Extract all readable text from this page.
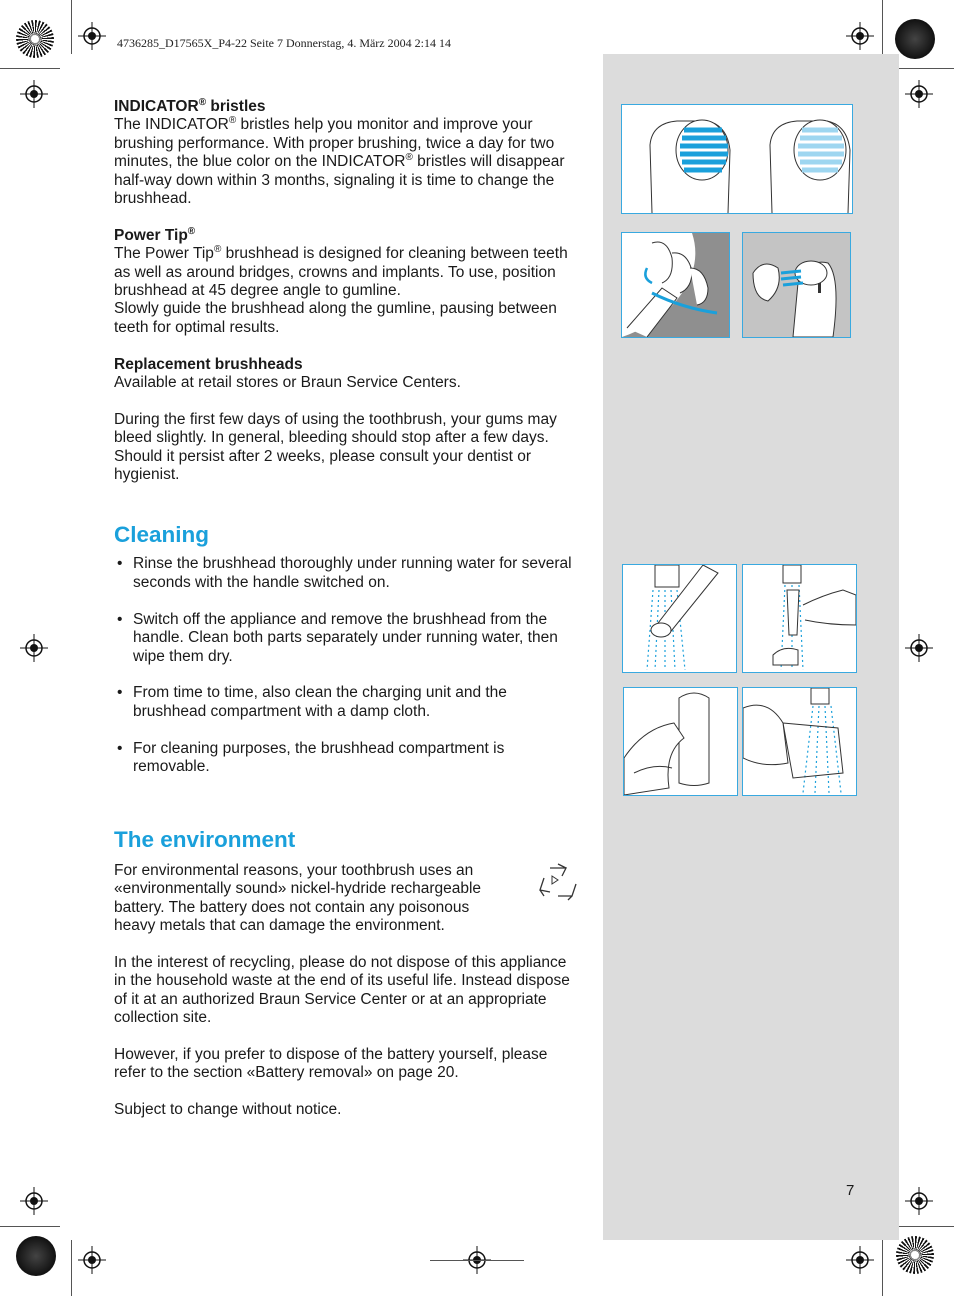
4736285_D17565X_P4-22 Seite 7 Donnerstag, 4. März 2004 2:14 14

INDICATOR® bristles

The INDICATOR® bristles help you monitor and improve your brushing performance. With proper brushing, twice a day for two minutes, the blue color on the INDICATOR® bristles will disappear half-way down within 3 months, signaling it is time to change the brushhead.

Power Tip®

The Power Tip® brushhead is designed for cleaning between teeth as well as around bridges, crowns and implants. To use, position brushhead at 45 degree angle to gumline.

Slowly guide the brushhead along the gumline, pausing between teeth for optimal results.

Replacement brushheads

Available at retail stores or Braun Service Centers.

During the first few days of using the toothbrush, your gums may bleed slightly. In general, bleeding should stop after a few days. Should it persist after 2 weeks, please consult your dentist or hygienist.

Cleaning
• Rinse the brushhead thoroughly under running water for several seconds with the handle switched on.
• Switch off the appliance and remove the brushhead from the handle. Clean both parts separately under running water, then wipe them dry.
• From time to time, also clean the charging unit and the brushhead compartment with a damp cloth.
• For cleaning purposes, the brushhead compartment is removable.
The environment

For environmental reasons, your toothbrush uses an «environmentally sound» nickel-hydride rechargeable battery. The battery does not contain any poisonous heavy metals that can damage the environment.

In the interest of recycling, please do not dispose of this appliance in the household waste at the end of its useful life. Instead dispose of it at an authorized Braun Service Center or at an appropriate collection site.

However, if you prefer to dispose of the battery yourself, please refer to the section «Battery removal» on page 20.

Subject to change without notice.

7
